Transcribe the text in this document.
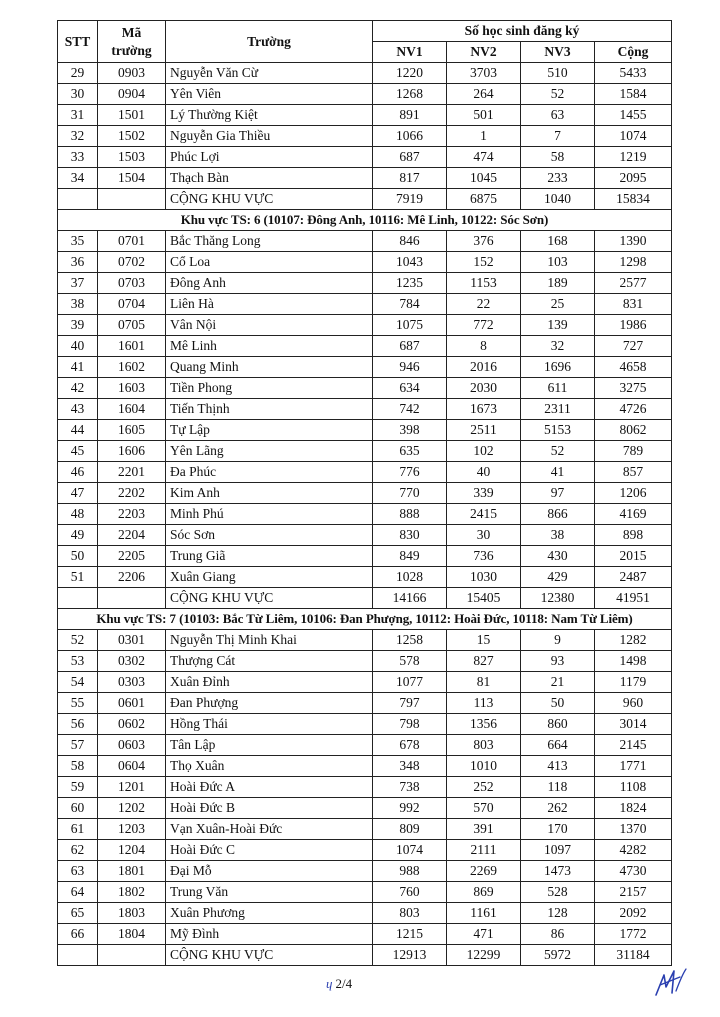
STT	Mã trường	Trường	Số học sinh đăng ký			
			NV1	NV2	NV3	Cộng
29	0903	Nguyễn Văn Cừ	1220	3703	510	5433
30	0904	Yên Viên	1268	264	52	1584
31	1501	Lý Thường Kiệt	891	501	63	1455
32	1502	Nguyễn Gia Thiều	1066	1	7	1074
33	1503	Phúc Lợi	687	474	58	1219
34	1504	Thạch Bàn	817	1045	233	2095
		CỘNG KHU VỰC	7919	6875	1040	15834
Khu vực TS: 6 (10107: Đông Anh, 10116: Mê Linh, 10122: Sóc Sơn)						
35	0701	Bắc Thăng Long	846	376	168	1390
36	0702	Cổ Loa	1043	152	103	1298
37	0703	Đông Anh	1235	1153	189	2577
38	0704	Liên Hà	784	22	25	831
39	0705	Vân Nội	1075	772	139	1986
40	1601	Mê Linh	687	8	32	727
41	1602	Quang Minh	946	2016	1696	4658
42	1603	Tiền Phong	634	2030	611	3275
43	1604	Tiến Thịnh	742	1673	2311	4726
44	1605	Tự Lập	398	2511	5153	8062
45	1606	Yên Lãng	635	102	52	789
46	2201	Đa Phúc	776	40	41	857
47	2202	Kim Anh	770	339	97	1206
48	2203	Minh Phú	888	2415	866	4169
49	2204	Sóc Sơn	830	30	38	898
50	2205	Trung Giã	849	736	430	2015
51	2206	Xuân Giang	1028	1030	429	2487
		CỘNG KHU VỰC	14166	15405	12380	41951
Khu vực TS: 7 (10103: Bắc Từ Liêm, 10106: Đan Phượng, 10112: Hoài Đức, 10118: Nam Từ Liêm)						
52	0301	Nguyễn Thị Minh Khai	1258	15	9	1282
53	0302	Thượng Cát	578	827	93	1498
54	0303	Xuân Đỉnh	1077	81	21	1179
55	0601	Đan Phượng	797	113	50	960
56	0602	Hồng Thái	798	1356	860	3014
57	0603	Tân Lập	678	803	664	2145
58	0604	Thọ Xuân	348	1010	413	1771
59	1201	Hoài Đức A	738	252	118	1108
60	1202	Hoài Đức B	992	570	262	1824
61	1203	Vạn Xuân-Hoài Đức	809	391	170	1370
62	1204	Hoài Đức C	1074	2111	1097	4282
63	1801	Đại Mỗ	988	2269	1473	4730
64	1802	Trung Văn	760	869	528	2157
65	1803	Xuân Phương	803	1161	128	2092
66	1804	Mỹ Đình	1215	471	86	1772
		CỘNG KHU VỰC	12913	12299	5972	31184
ɥ 2/4
